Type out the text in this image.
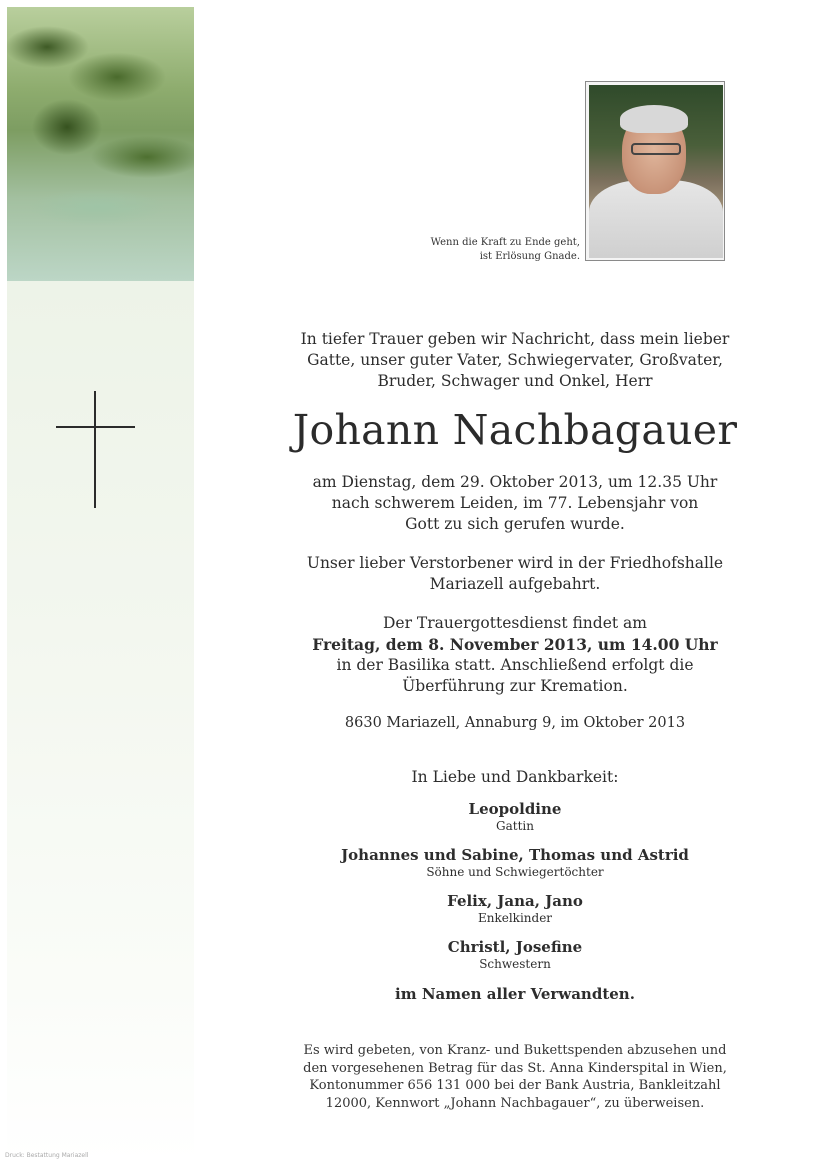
Wenn die Kraft zu Ende geht,
ist Erlösung Gnade.
In tiefer Trauer geben wir Nachricht, dass mein lieber
Gatte, unser guter Vater, Schwiegervater, Großvater,
Bruder, Schwager und Onkel, Herr
Johann Nachbagauer
am Dienstag, dem 29. Oktober 2013, um 12.35 Uhr
nach schwerem Leiden, im 77. Lebensjahr von
Gott zu sich gerufen wurde.
Unser lieber Verstorbener wird in der Friedhofshalle
Mariazell aufgebahrt.
Der Trauergottesdienst findet am
Freitag, dem 8. November 2013, um 14.00 Uhr
in der Basilika statt. Anschließend erfolgt die
Überführung zur Kremation.
8630 Mariazell, Annaburg 9, im Oktober 2013
In Liebe und Dankbarkeit:
Leopoldine
Gattin
Johannes und Sabine, Thomas und Astrid
Söhne und Schwiegertöchter
Felix, Jana, Jano
Enkelkinder
Christl, Josefine
Schwestern
im Namen aller Verwandten.
Es wird gebeten, von Kranz- und Bukettspenden abzusehen und
den vorgesehenen Betrag für das St. Anna Kinderspital in Wien,
Kontonummer 656 131 000 bei der Bank Austria, Bankleitzahl
12000, Kennwort „Johann Nachbagauer“, zu überweisen.
Druck: Bestattung Mariazell
